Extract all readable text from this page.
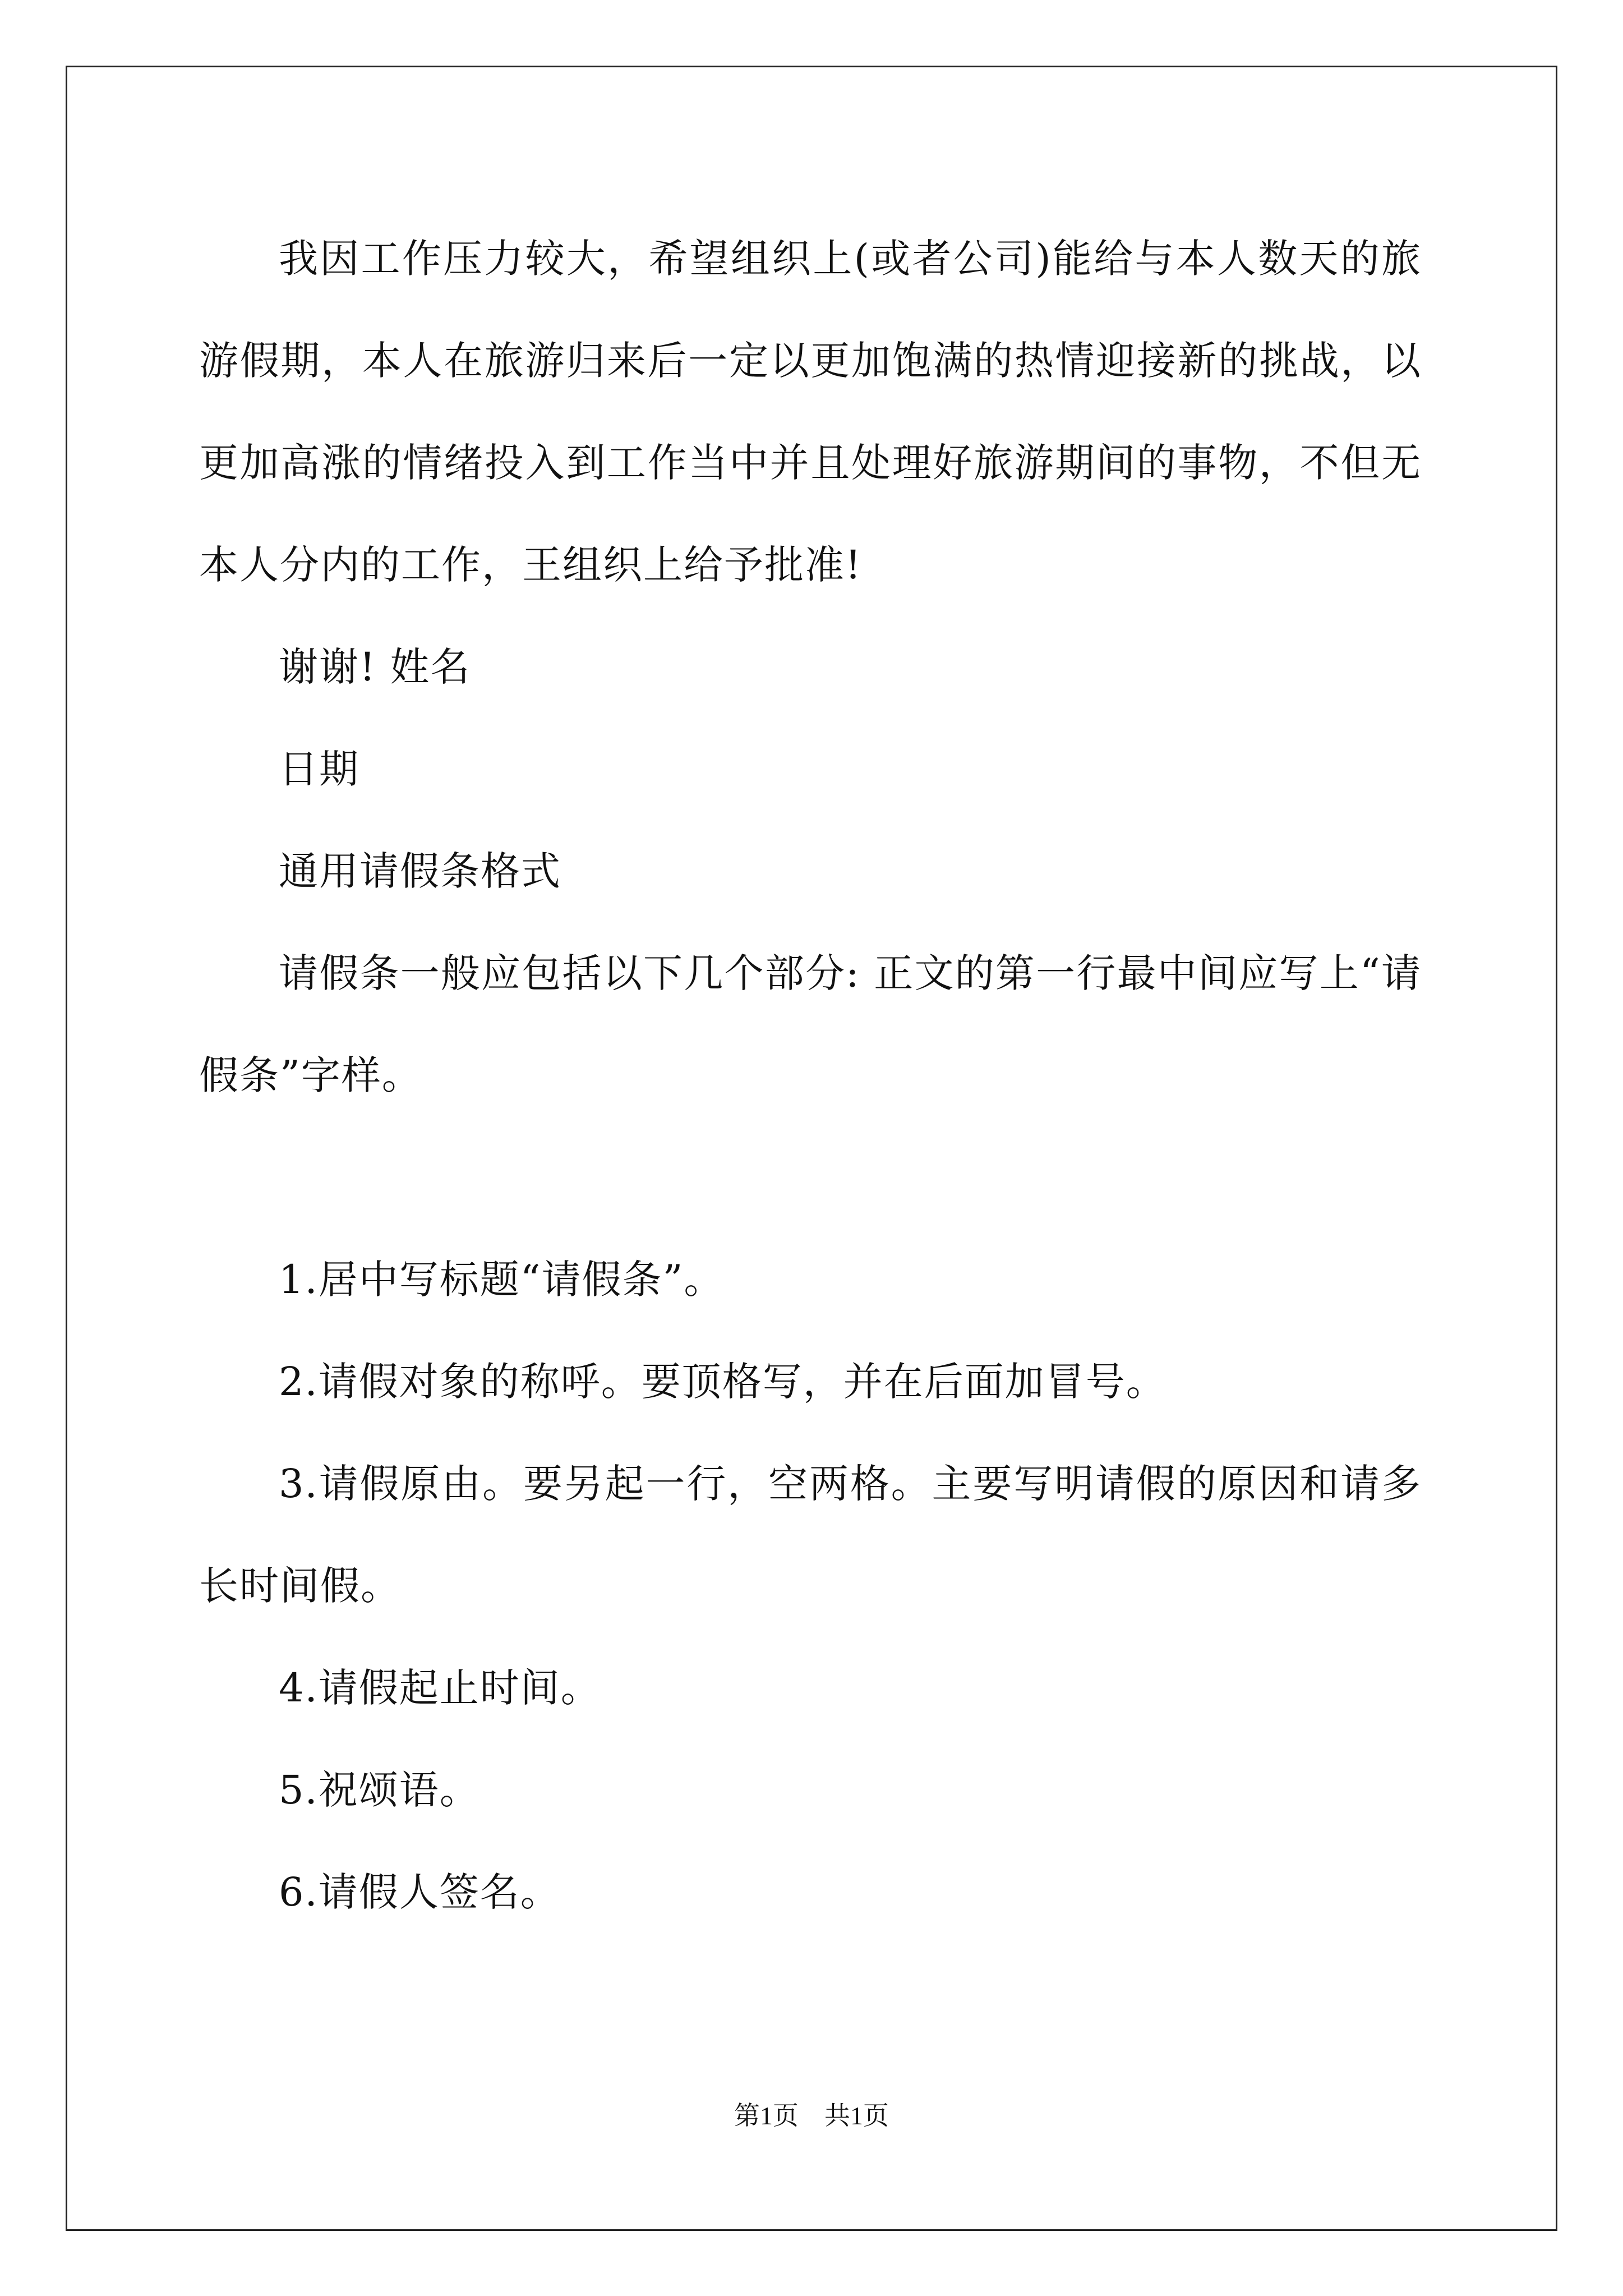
我因工作压力较大，希望组织上(或者公司)能给与本人数天的旅游假期，本人在旅游归来后一定以更加饱满的热情迎接新的挑战，以更加高涨的情绪投入到工作当中并且处理好旅游期间的事物，不但无本人分内的工作，王组织上给予批准!

谢谢! 姓名

日期

通用请假条格式

请假条一般应包括以下几个部分: 正文的第一行最中间应写上“请假条”字样。

1.居中写标题“请假条”。

2.请假对象的称呼。要顶格写，并在后面加冒号。

3.请假原由。要另起一行，空两格。主要写明请假的原因和请多长时间假。

4.请假起止时间。

5.祝颂语。

6.请假人签名。

第1页　共1页
